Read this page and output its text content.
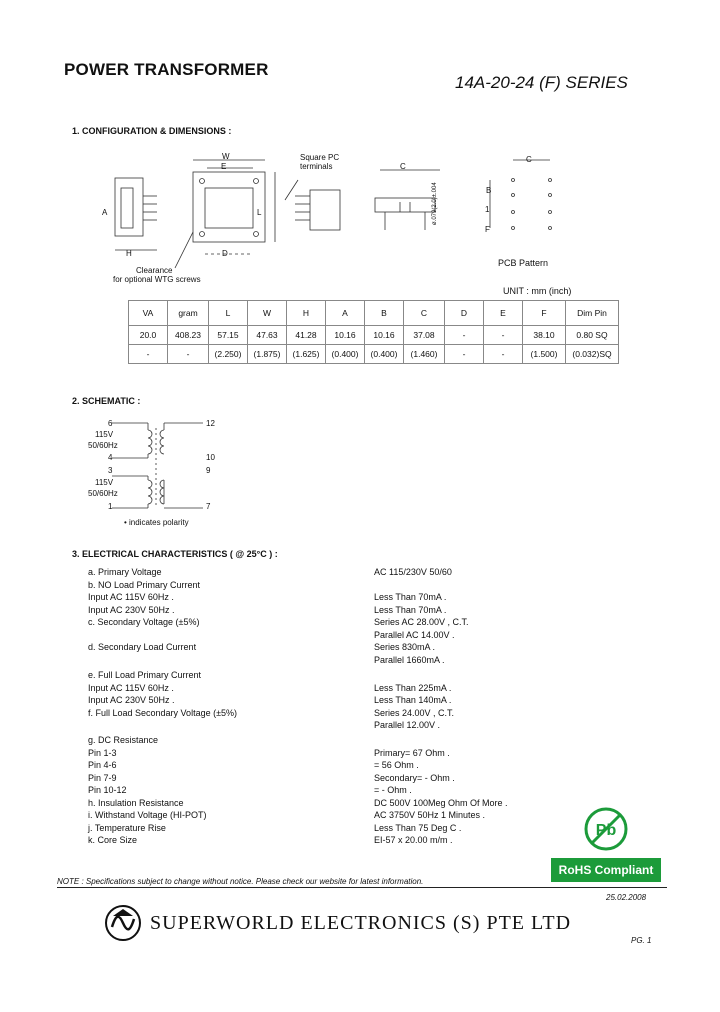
POWER TRANSFORMER
14A-20-24 (F) SERIES
1. CONFIGURATION & DIMENSIONS :
W
E
L
H
A
D
C
C
B
F
1
Square PC
terminals
Clearance
for optional WTG screws
PCB Pattern
ø.079(2.0)±.004
UNIT : mm (inch)
VA	gram	L	W	H	A	B	C	D	E	F	Dim Pin
20.0	408.23	57.15	47.63	41.28	10.16	10.16	37.08	-	-	38.10	0.80 SQ
-	-	(2.250)	(1.875)	(1.625)	(0.400)	(0.400)	(1.460)	-	-	(1.500)	(0.032)SQ
2. SCHEMATIC :
6
115V
50/60Hz
4
3
115V
50/60Hz
1
12
10
9
7
• indicates polarity
3. ELECTRICAL CHARACTERISTICS ( @ 25°C ) :
a. Primary Voltage	AC 115/230V 50/60
b. NO Load Primary Current
Input AC 115V 60Hz .	Less Than 70mA .
Input AC 230V 50Hz .	Less Than 70mA .
c. Secondary Voltage (±5%)	Series AC 28.00V , C.T.
Parallel AC 14.00V .
d. Secondary Load Current	Series 830mA .
Parallel 1660mA .
e. Full Load Primary Current
Input AC 115V 60Hz .	Less Than 225mA .
Input AC 230V 50Hz .	Less Than 140mA .
f. Full Load Secondary Voltage (±5%)	Series 24.00V , C.T.
Parallel 12.00V .
g. DC Resistance
Pin 1-3	Primary= 67 Ohm .
Pin 4-6	= 56 Ohm .
Pin 7-9	Secondary= - Ohm .
Pin 10-12	= - Ohm .
h. Insulation Resistance	DC 500V 100Meg Ohm Of More .
i. Withstand Voltage (HI-POT)	AC 3750V 50Hz 1 Minutes .
j. Temperature Rise	Less Than 75 Deg C .
k. Core Size	EI-57 x 20.00 m/m .
Pb
RoHS Compliant
NOTE : Specifications subject to change without notice. Please check our website for latest information.
25.02.2008
SUPERWORLD ELECTRONICS (S) PTE LTD
PG. 1
